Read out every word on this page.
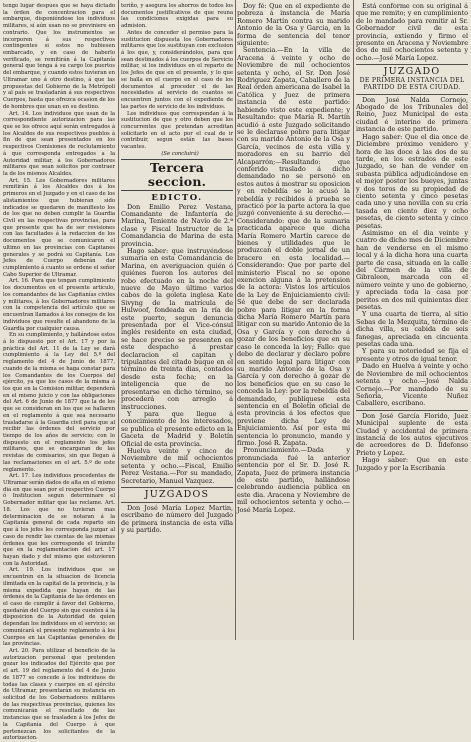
tengo lugar despues que se haya dictado la órden de concentracion para el embarque, disponiéndose los individuos militares, sí aún usan no se previniere en contrario. Que los instrumentos se incorporen á sus respectivos contingentes si estos no hubiesen embarcado, y en caso de haberlo verificado, se remitirán á la Capitanía general que tenga á su cargo los puertos del embarque, y cuando estos tuvieran en Ultramar uno á otro destino, á que las propuestas del Gobierno de la Metrópoli y al país se trasladarán á sus respectivos Cuerpos, hasta que ofrezca ocasion de los de hombres que unan en su destino.

Art. 14. Los individuos que usan de la correspondiente autorizacion para las que se les ofrece aquí serán entregados á los Alcaldes de sus respectivos pueblos á fin de que sean presentados en los respectivos Comisiones de reclutamiento á que corresponda entregados a la Autoridad militar, á los Gobernadores militares que sean solicitos por contraer la de los mismos Alcaldes.

Art. 15. Los Gobernadores militares remitirán á los Alcaldes dos á los primeros en el Juzgado y en el caso de los alistamientos que hubieran sido indicados se quedaren de manifiesto los de los que no deben cumplir la Guardia Civil en las respectivas provincias, para que presente que ha de ser revisiones con las facultades á la redaccion de los documentos que se comunicaron el ultimo en las provincias con Capitanes generales y se podrá su Capitanía. Los Jefes de Cuerpo deberán dar cumplimiento á cuanto se ordene el señor Cabo Superior de Ultramar.

Art. 16. Para que tengan cumplimiento los documentos en el presente articulo, los comandantes de las Capitanías civiles y militares, á los Gobernadores militares con la competencia del artículo que se encuentran llamados á los consejos de los individuos que resulte el abandono de la Guardia por cualquier causa.

En su cumplimiento, y hallándose estos á lo dispuesto por el Art. 17 y por la práctica del Art. 11 de la Ley se dará cumplimiento á la Ley del 5.º del reglamento del 4 de Junio de 1877, cuando de la misma se haga constar para los Comandantes de los Cuerpos del ejército, ya que los casos de la misma á los que en la Comision militar, dependerá en el mismo juicio y con las obligaciones del Art. 6 de Junio de 1877 que la de los que se consideran en los que se hallaren en el reglamento á que sea necesario trasladarse á la Guardia civil para que al recibir las órdenes del servicio por tiempo de los años de servicio; con lo dispuesto en el reglamento los jefes militares, que se encargaran de las revistas de comisarios, sin que llegan á las reclamaciones en el art. 5.º de este reglamento.

Art. 17. Los individuos procedentes de Ultramar serán dados de alta en el mismo dia en que sean por el respectivo Cuerpo ó Institucion segun determinare el Gobernador militar que las reclame. Art. 18. Los que no tuvieran mas determinacion de se notaran á la Capitanía general de cada reparto sin que á los jefes les corresponda juzgar al caso de rendir las cuentas de las mismas órdenes que les corresponde el trámite que en la reglamentacion del art. 17 hayan dado y del mismo que estuvieren con la Autoridad.

Art. 19. Los individuos que se encuentren en la situacion de licencia ilimitada en la capital de la provincia, y la misma expedida que hayan de las órdenes de la Capitanía de las órdenes en el caso de cumplir á favor del Gobierno, quedarán del Cuerpo sin que cuenten á la disposicion de la Autoridad de quien dependan los individuos en el servicio; se comunicará el presente reglamento á los Cuerpos en las Capitanías generales de las provincias.

Art. 20. Para utilizar el beneficio de la autorizacion personal que pretenden gozar los indicados del Ejército que por el art. 19 del reglamento del 4 de Junio de 1877 se concede á los individuos de todas las clases y cuerpos en el ejército de Ultramar, presentarán su instancia en solicitud de los Gobernadores militares de las respectivas provincias, quienes les comunicarán el resultado de las instancias que se trasladen á los Jefes de la Capitanía del Cuerpo á que pertenezcan los solicitantes de la autorizacion.

teriño, y asegura los ahorros de todos los documentos justificativos de que reuna las condiciones exigidas para su admision.

Antes de conceder el permiso para la sustitucion dispuesta los Gobernadores militares que los sustituyan con exclusion á los que, y, considerándolos, para que sean destinados á los cuerpos de Servicio militar, si los individuos en el reparto de los Jefes de que en el presente, y lo que se halla en el cuerpo en el caso de los documentos al proceder el de las necesidades al servicio de cuantos se encuentren juntos con el expediente de las partes de servicio de los individuos.

Los individuos que correspondan á la sustitucion de que y otro deben que los concurrentes que pretendan acreditan solicitarlo en el acto por el cual de ir contribuir, segun están las bases vacantes.

(Se concluirá)

Tercera seccion.
EDICTO.

Don Emilio Perez Vestana, Comandante de Infantería de Marina, Teniente de Navío de 2.ª clase y Fiscal Instructor de la Comandancia de Marina de esta provincia.

Hago saber: que instruyéndose sumaria en esta Comandancia de Marina, en averiguacion quién ó quiénes fueron los autores del robo efectuado en la noche del nueve de Mayo último varios cabos de la goleta inglesa Kate Sivyng de la matrícula de Hulwoof, fondeada en la ría de este puerto, segun denuncia presentada por el Vice-cónsul inglés residente en esta ciudad, se hace preciso se presenten en este despacho á prestar declaracion el capitan y tripulantes del citado buque en el término de treinta dias, contados desde esta fecha; en la inteligencia que de no presentarse en dicho término, se procederá con arreglo á instrucciones.

Y para que llegue á conocimiento de los interesados, se publica el presente edicto en la Gaceta de Madrid y Boletín Oficial de esta provincia.

Huelva veinte y cinco de Noviembre de mil ochocientos setenta y ocho.—Fiscal, Emilio Perez Vestana.—Por su mandado, Secretario, Manuel Vazquez.

JUZGADOS

Don José María Lopez Martin, escribano de número del Juzgado de primera instancia de esta villa y su partido.

Doy fé: Que en el expediente de pobreza á instancia de María Romero Martín contra su marido Antonio de la Osa y Garcia, en la forma de sentencia del tenor siguiente:

Sentencia.—En la villa de Aracena á veinte y ocho de Noviembre de mil ochocientos setenta y ocho, el Sr. Don José Rodriguez Zapata, Caballero de la Real órden americana de Isabel la Católica y Juez de primera instancia de este partido: habiendo visto este expediente; y Resultando: que María R. Martín acudió á este Juzgado solicitando se le declarase pobre para litigar con su marido Antonio de la Osa y García, vecinos de esta villa y moradores en su barrio del Alcaparrón;—Resultando: que conferido traslado á dicho demandado no se personó en estos autos á mostrar su oposicion y en rebeldía se le acusó la rebeldía y recibidos á prueba se practicó por la parte actora la que juzgó conveniente á su derecho.—Considerando: que de la sumaria practicada aparece que dicha María Romero Martín carece de bienes y utilidades que le produzcan el doble jornal de un bracero en esta localidad.—Considerando: Que por parte del ministerio Fiscal no se opone exencion alguna á la pretension de la actora: Vistos los artículos de la Ley de Enjuiciamiento civil: Sé que debe de ser declarada pobre para litigar en la forma dicha María Romero Martín para litigar con su marido Antonio de la Osa y García y con derecho á gozar de los beneficios que en su caso le conceda la ley; Fallo: que debo de declarar y declaro pobre en sentido legal para litigar con su marido Antonio de la Osa y García y con derecho á gozar de los beneficios que en su caso le conceda la Ley: por la rebeldía del demandado, publíquese esta sentencia en el Boletín oficial de esta provincia á los efectos que previene dicha Ley de Enjuiciamiento. Así por esta mi sentencia lo pronuncio, mando y firmo. José R. Zapata.

Pronunciamiento.—Dada y pronunciada fué la anterior sentencia por el Sr. D. José R. Zapata, Juez de primera instancia de este partido, hallándose celebrando audiencia pública en este dia. Aracena y Noviembre de mil ochocientos setenta y ocho.—José María Lopez.

Está conforme con su original á que me remito; y en cumplimiento de lo mandado para remitir al Sr. Gobernador civil de esta provincia, extiendo y firmo el presente en Aracena y Noviembre dos de mil ochocientos setenta y ocho.—José María Lopez.

JUZGADO
DE PRIMERA INSTANCIA DEL PARTIDO DE ESTA CIUDAD.

Don José Nalda Cornejo, Abogado de los Tribunales del Reino, Juez Municipal de esta ciudad é interino de primera instancia de este partido.

Hago saber: Que el dia once de Diciembre próximo venidero y hora de las doce á las dos de su tarde, en los estrados de este Juzgado, se han de vender en subasta pública adjudicándose en el mejor postor los bueyes, juntas y dos toros de su propiedad de ciento setenta y cinco pesetas cada uno y una novilla con su cría tasada en ciento diez y ocho pesetas, de ciento setenta y cinco pesetas.

Asimismo en el dia veinte y cuatro de dicho mes de Diciembre han de venderse en el mismo local y á la dicha hora una cuarta parte de casa, situada en la calle del Cármen de la villa de Gibraleon, marcada con el número veinte y uno de gobierno, y apreciada toda la casa por peritos en dos mil quinientas diez pesetas.

Y una cuarta de tierra, al sitio Sebas de la Mezquita, término de dicha villa, su cabida de seis fanegas, apreciada en cincuenta pesetas cada una.

Y para su notoriedad se fija el presente y otros de igual tenor.

Dado en Huelva á veinte y ocho de Noviembre de mil ochocientos setenta y ocho.—José Nalda Cornejo.—Por mandado de su Señoría, Vicente Nuñez Caballero, escribano.

Don José García Florido, Juez Municipal suplente de esta Ciudad y accidental de primera instancia de los autos ejecutivos de acreedores de D. Ildefonso Prieto y Lopez.

Hago saber: Que en este Juzgado y por la Escribanía
